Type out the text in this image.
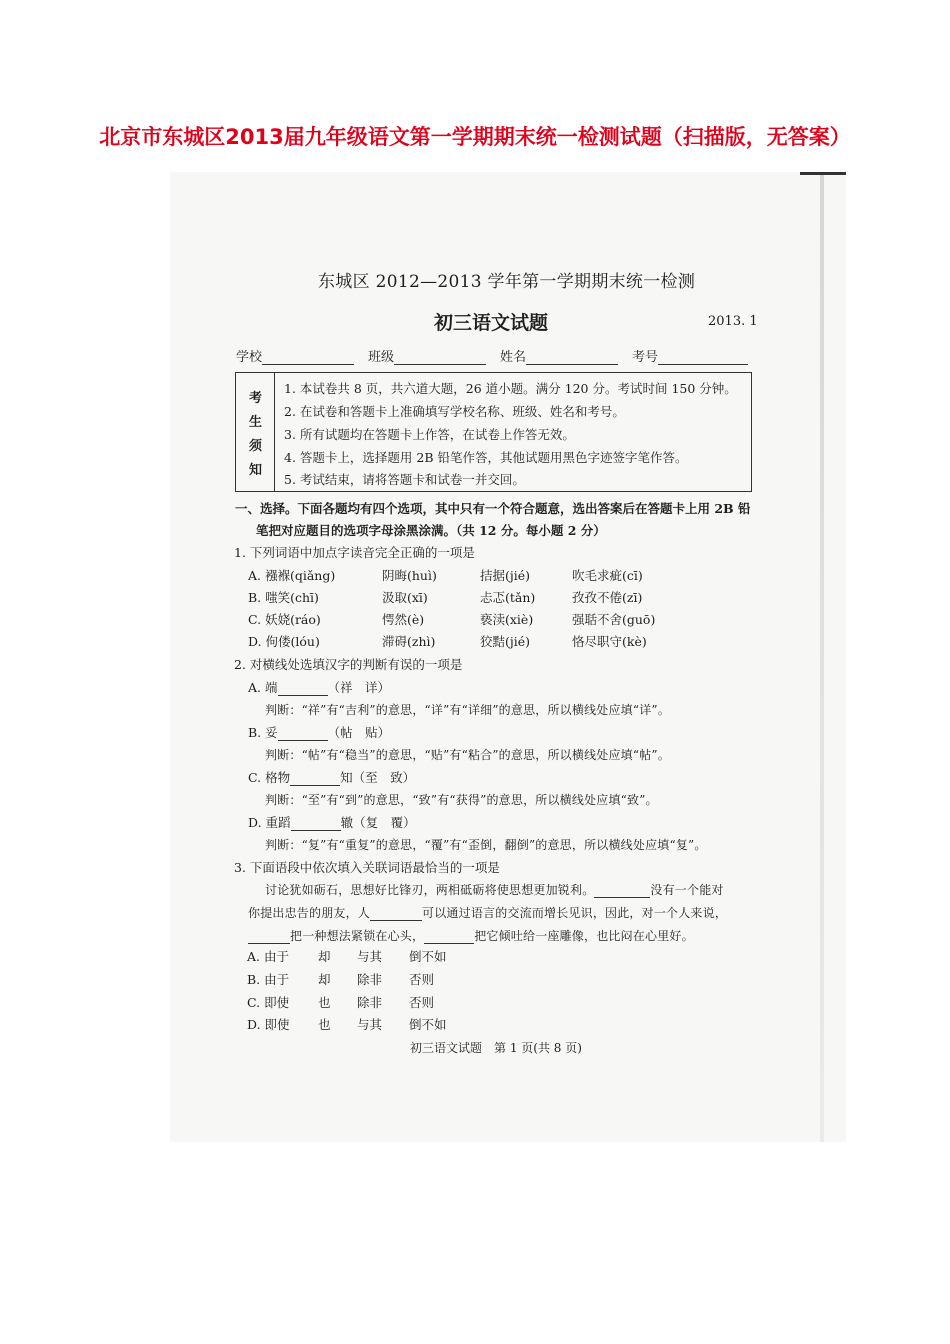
北京市东城区2013届九年级语文第一学期期末统一检测试题（扫描版，无答案）
东城区 2012—2013 学年第一学期期末统一检测
初三语文试题	2013. 1
学校	班级	姓名	考号
考
生
须
知
1. 本试卷共 8 页，共六道大题，26 道小题。满分 120 分。考试时间 150 分钟。
2. 在试卷和答题卡上准确填写学校名称、班级、姓名和考号。
3. 所有试题均在答题卡上作答，在试卷上作答无效。
4. 答题卡上，选择题用 2B 铅笔作答，其他试题用黑色字迹签字笔作答。
5. 考试结束，请将答题卡和试卷一并交回。
一、选择。下面各题均有四个选项，其中只有一个符合题意，选出答案后在答题卡上用 2B 铅
笔把对应题目的选项字母涂黑涂满。（共 12 分。每小题 2 分）
1. 下列词语中加点字读音完全正确的一项是
A. 襁褓(qiǎng)	阴晦(huì)	拮据(jié)	吹毛求疵(cī)
B. 嗤笑(chī)	汲取(xī)	忐忑(tǎn)	孜孜不倦(zī)
C. 妖娆(ráo)	愕然(è)	亵渎(xiè)	强聒不舍(guō)
D. 佝偻(lóu)	滞碍(zhì)	狡黠(jié)	恪尽职守(kè)
2. 对横线处选填汉字的判断有误的一项是
A. 端	（祥　详）
判断：“祥”有“吉利”的意思，“详”有“详细”的意思，所以横线处应填“详”。
B. 妥	（帖　贴）
判断：“帖”有“稳当”的意思，“贴”有“粘合”的意思，所以横线处应填“帖”。
C. 格物	知（至　致）
判断：“至”有“到”的意思，“致”有“获得”的意思，所以横线处应填“致”。
D. 重蹈	辙（复　覆）
判断：“复”有“重复”的意思，“覆”有“歪倒，翻倒”的意思，所以横线处应填“复”。
3. 下面语段中依次填入关联词语最恰当的一项是
讨论犹如砺石，思想好比锋刃，两相砥砺将使思想更加锐利。	没有一个能对
你提出忠告的朋友，人	可以通过语言的交流而增长见识，因此，对一个人来说，
把一种想法紧锁在心头，	把它倾吐给一座雕像，也比闷在心里好。
A. 由于 却 与其 倒不如
B. 由于 却 除非 否则
C. 即使 也 除非 否则
D. 即使 也 与其 倒不如
初三语文试题　第 1 页(共 8 页)
